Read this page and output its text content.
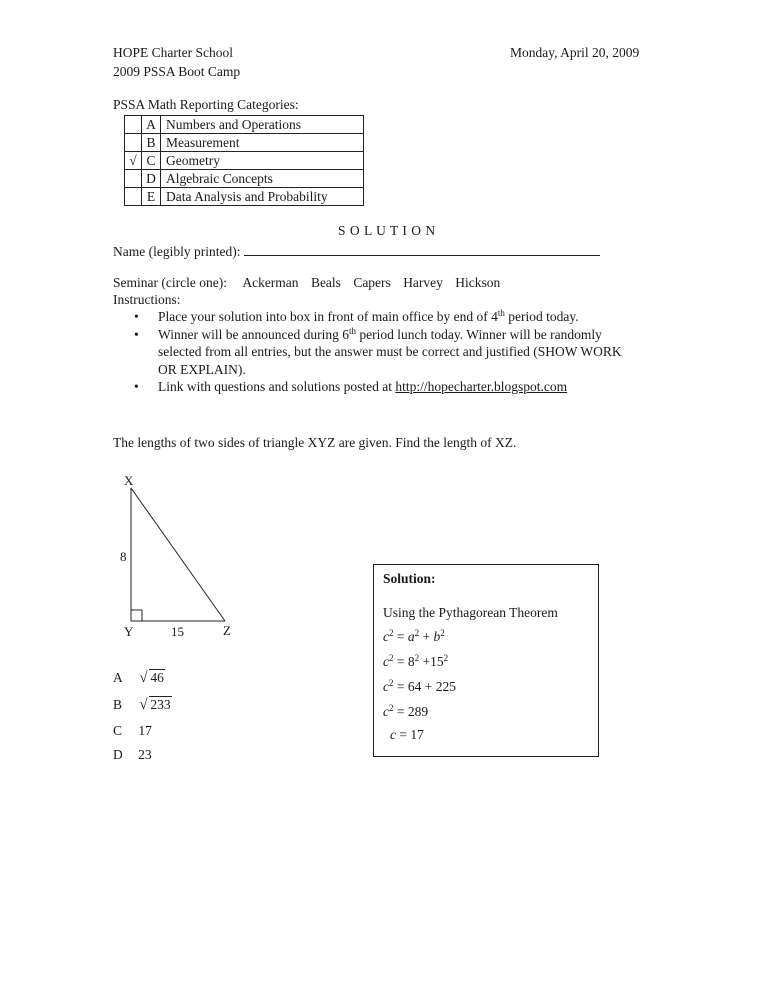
HOPE Charter School	Monday, April 20, 2009
2009 PSSA Boot Camp
PSSA Math Reporting Categories:
	A	Numbers and Operations
	B	Measurement
√	C	Geometry
	D	Algebraic Concepts
	E	Data Analysis and Probability
S O L U T I O N
Name (legibly printed):
Seminar (circle one): Ackerman Beals Capers Harvey Hickson
Instructions:
• Place your solution into box in front of main office by end of 4th period today.
• Winner will be announced during 6th period lunch today. Winner will be randomly selected from all entries, but the answer must be correct and justified (SHOW WORK OR EXPLAIN).
• Link with questions and solutions posted at http://hopecharter.blogspot.com
The lengths of two sides of triangle XYZ are given. Find the length of XZ.
X
8
Y	15	Z
A √ 46
B √ 233
C 17
D 23
Solution:
Using the Pythagorean Theorem
$c^2 = a^2 + b^2$
$c^2 = 8^2 +15^2$
$c^2 = 64 + 225$
$c^2 = 289$
c = 17
